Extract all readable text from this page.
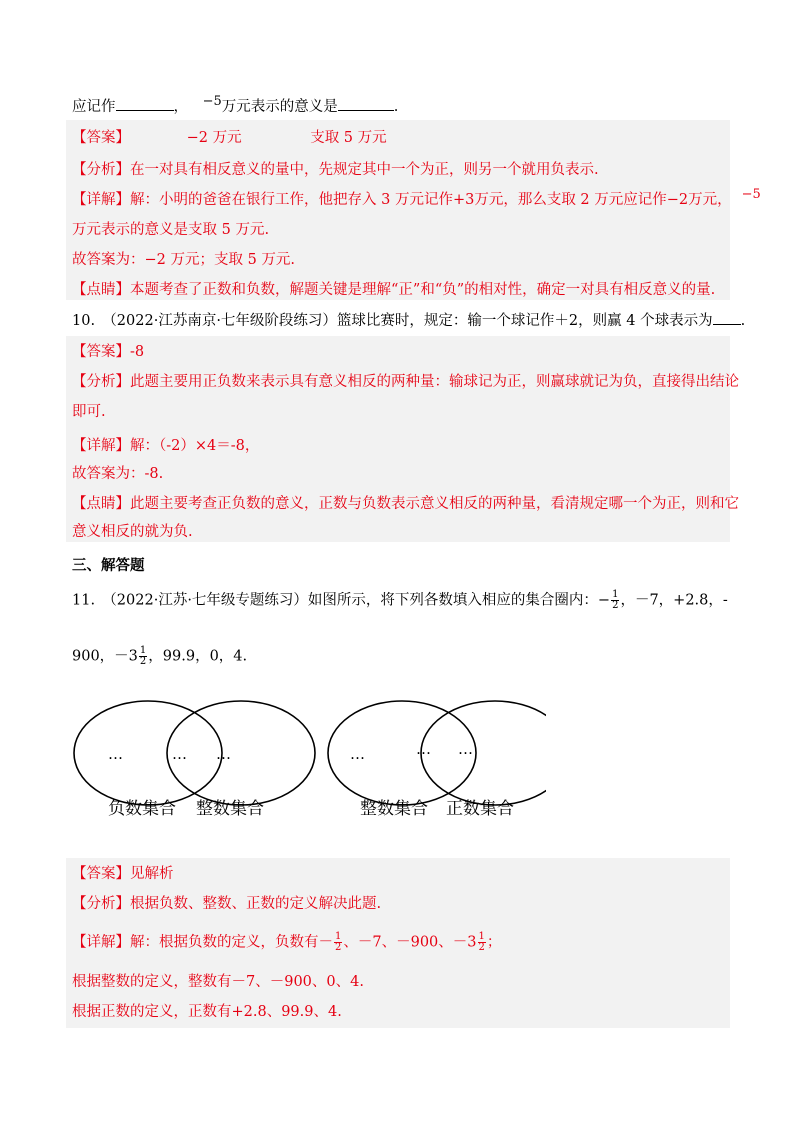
应记作	， −5万元表示的意义是	.
【答案】	−2 万元	支取 5 万元
【分析】在一对具有相反意义的量中，先规定其中一个为正，则另一个就用负表示.
【详解】解：小明的爸爸在银行工作，他把存入 3 万元记作+3万元，那么支取 2 万元应记作−2万元， −5
万元表示的意义是支取 5 万元.
故答案为：−2 万元；支取 5 万元.
【点睛】本题考查了正数和负数，解题关键是理解“正”和“负”的相对性，确定一对具有相反意义的量.
10.　（2022·江苏南京·七年级阶段练习）篮球比赛时，规定：输一个球记作＋2，则赢 4 个球表示为 .
【答案】-8
【分析】此题主要用正负数来表示具有意义相反的两种量：输球记为正，则赢球就记为负，直接得出结论
即可.
【详解】解：（-2）×4＝-8，
故答案为：-8.
【点睛】此题主要考查正负数的意义，正数与负数表示意义相反的两种量，看清规定哪一个为正，则和它
意义相反的就为负.
三、解答题
11.　（2022·江苏·七年级专题练习）如图所示，将下列各数填入相应的集合圈内：− $\frac{1}{2}$ ，－7，+2.8，-
900，$-3 \frac{1}{2}$ ，99.9，0，4.
…	… …
负数集合 整数集合
…	… …
整数集合 正数集合
【答案】见解析
【分析】根据负数、整数、正数的定义解决此题.
【详解】解：根据负数的定义，负数有－ $\frac{1}{2}$ 、－7、－900、$-3 \frac{1}{2}$ ；
根据整数的定义，整数有－7、－900、0、4.
根据正数的定义，正数有+2.8、99.9、4.
